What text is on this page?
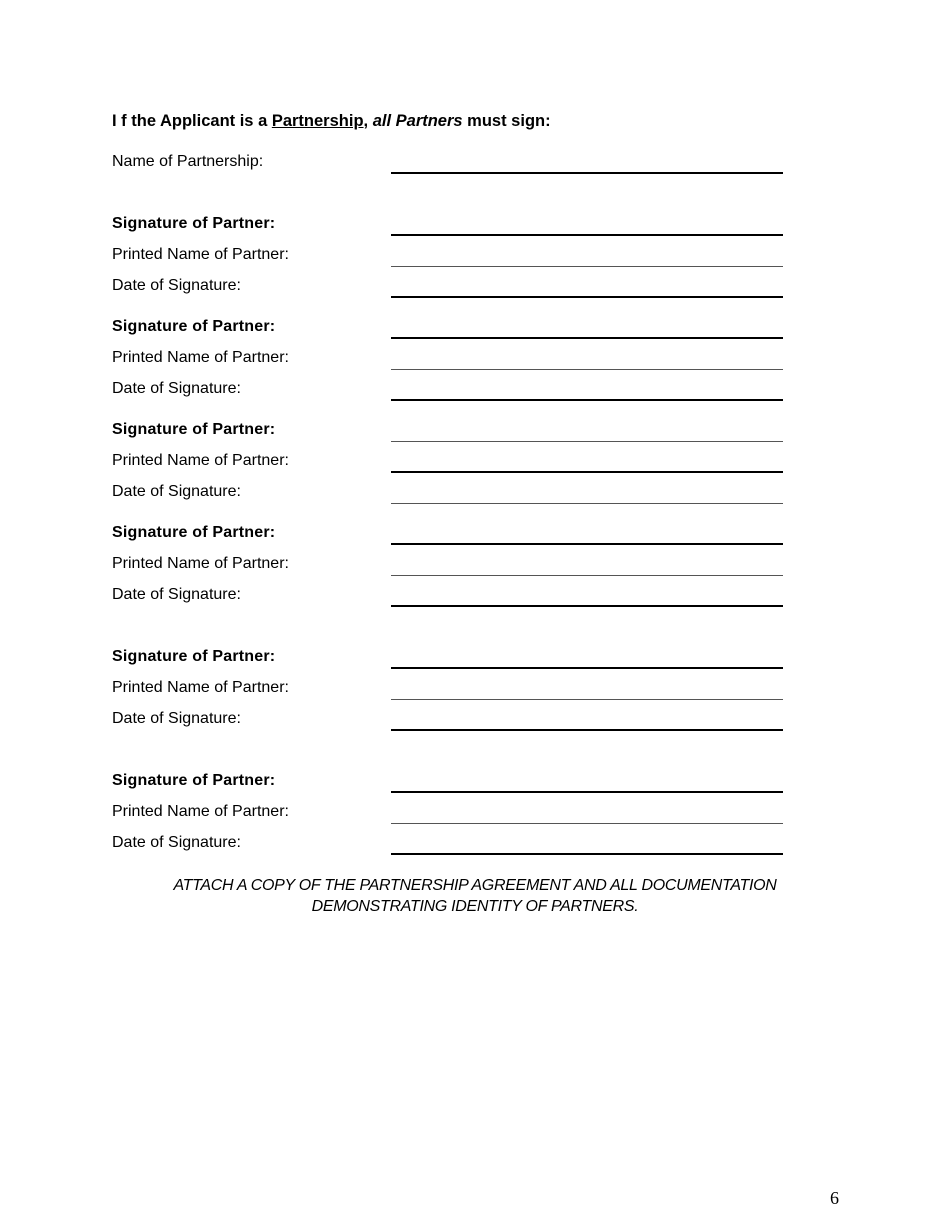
I f the Applicant is a Partnership, all Partners must sign:
Name of Partnership:
Signature of Partner:
Printed Name of Partner:
Date of Signature:
Signature of Partner:
Printed Name of Partner:
Date of Signature:
Signature of Partner:
Printed Name of Partner:
Date of Signature:
Signature of Partner:
Printed Name of Partner:
Date of Signature:
Signature of Partner:
Printed Name of Partner:
Date of Signature:
Signature of Partner:
Printed Name of Partner:
Date of Signature:
ATTACH A COPY OF THE PARTNERSHIP AGREEMENT AND ALL DOCUMENTATION
DEMONSTRATING IDENTITY OF PARTNERS.
6
